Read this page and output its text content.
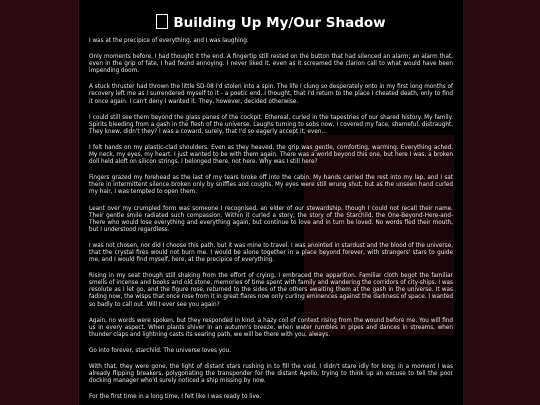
Building Up My/Our Shadow

I was at the precipice of everything, and I was laughing.

Only moments before, I had thought it the end. A fingertip still rested on the button that had silenced an alarm; an alarm that, even in the grip of fate, I had found annoying. I never liked it, even as it screamed the clarion call to what would have been impending doom.

A stuck thruster had thrown the little SD-08 I'd stolen into a spin. The life I clung so desperately onto in my first long months of recovery left me as I surrendered myself to it - a poetic end, I thought, that I'd return to the place I cheated death, only to find it once again. I can't deny I wanted it. They, however, decided otherwise.

I could still see them beyond the glass panes of the cockpit. Ethereal, curled in the tapestries of our shared history. My family. Spirits bleeding from a gash in the flesh of the universe. Laughs turning to sobs now, I covered my face, shameful, distraught. They knew, didn't they? I was a coward, surely, that I'd so eagerly accept it, even...

I felt hands on my plastic-clad shoulders. Even as they heaved, the grip was gentle, comforting, warming. Everything ached. My neck, my eyes, my heart. I just wanted to be with them again. There was a world beyond this one, but here I was, a broken doll held aloft on silicon strings. I belonged there, not here. Why was I still here?

Fingers grazed my forehead as the last of my tears broke off into the cabin. My hands carried the rest into my lap, and I sat there in intermittent silence broken only by sniffles and coughs. My eyes were still wrung shut, but as the unseen hand curled my hair, I was tempted to open them.

Leant over my crumpled form was someone I recognised, an elder of our stewardship, though I could not recall their name. Their gentle smile radiated such compassion. Within it curled a story; the story of the Starchild, the One-Beyond-Here-and-There who would lose everything and everything again, but continue to love and in turn be loved. No words fled their mouth, but I understood regardless.

I was not chosen, nor did I choose this path, but it was mine to travel. I was anointed in stardust and the blood of the universe, that the crystal fires would not burn me. I would be alone together in a place beyond forever, with strangers' stars to guide me, and I would find myself, here, at the precipice of everything.

Rising in my seat though still shaking from the effort of crying, I embraced the apparition. Familiar cloth begot the familiar smells of incense and books and old stone, memories of time spent with family and wandering the corridors of city-ships. I was resolute as I let go, and the figure rose, returned to the sides of the others awaiting them at the gash in the universe. It was fading now, the wisps that once rose from it in great flares now only curling eminences against the darkness of space. I wanted so badly to call out. Will I ever see you again?

Again, no words were spoken, but they responded in kind, a hazy coil of context rising from the wound before me. You will find us in every aspect. When plants shiver in an autumn's breeze, when water rumbles in pipes and dances in streams, when thunder claps and lightning casts its searing path, we will be there with you, always.

Go into forever, starchild. The universe loves you.

With that, they were gone, the light of distant stars rushing in to fill the void. I didn't stare idly for long; in a moment I was already flipping breakers, polygonating the transponder for the distant Apollo, trying to think up an excuse to tell the poor docking manager who'd surely noticed a ship missing by now.

For the first time in a long time, I felt like I was ready to live.
